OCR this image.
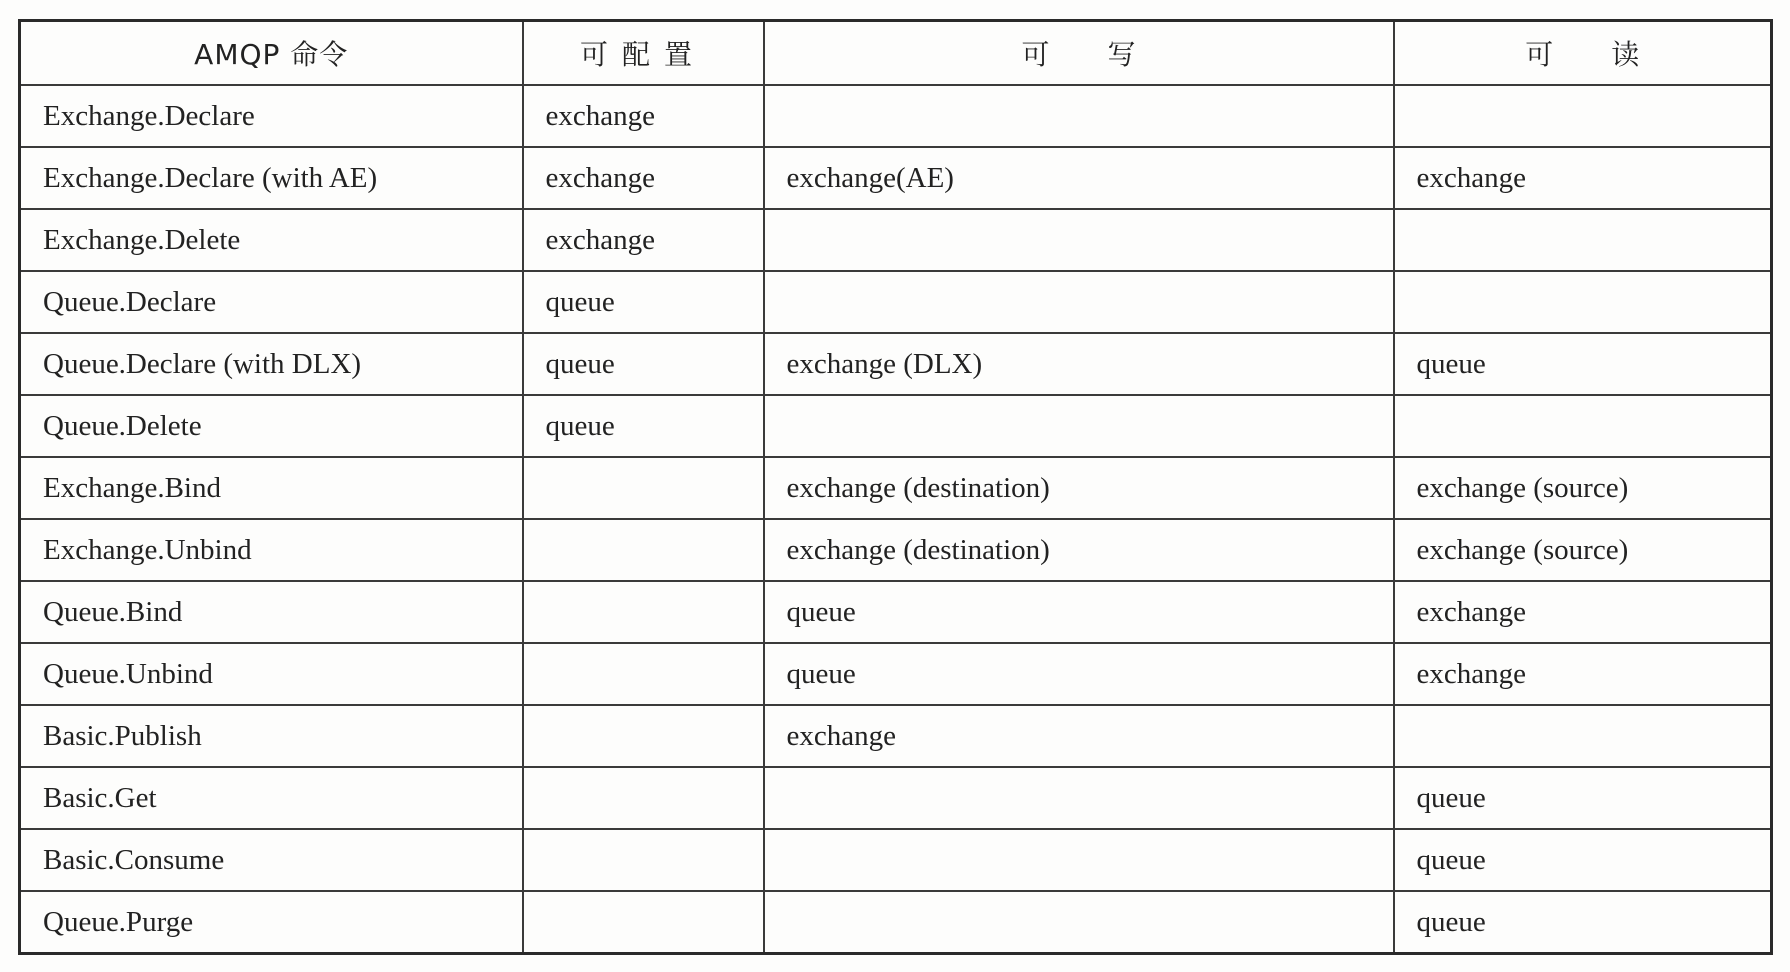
AMQP 命令	可配置	可写	可读
Exchange.Declare	exchange		
Exchange.Declare (with AE)	exchange	exchange(AE)	exchange
Exchange.Delete	exchange		
Queue.Declare	queue		
Queue.Declare (with DLX)	queue	exchange (DLX)	queue
Queue.Delete	queue		
Exchange.Bind		exchange (destination)	exchange (source)
Exchange.Unbind		exchange (destination)	exchange (source)
Queue.Bind		queue	exchange
Queue.Unbind		queue	exchange
Basic.Publish		exchange	
Basic.Get			queue
Basic.Consume			queue
Queue.Purge			queue
